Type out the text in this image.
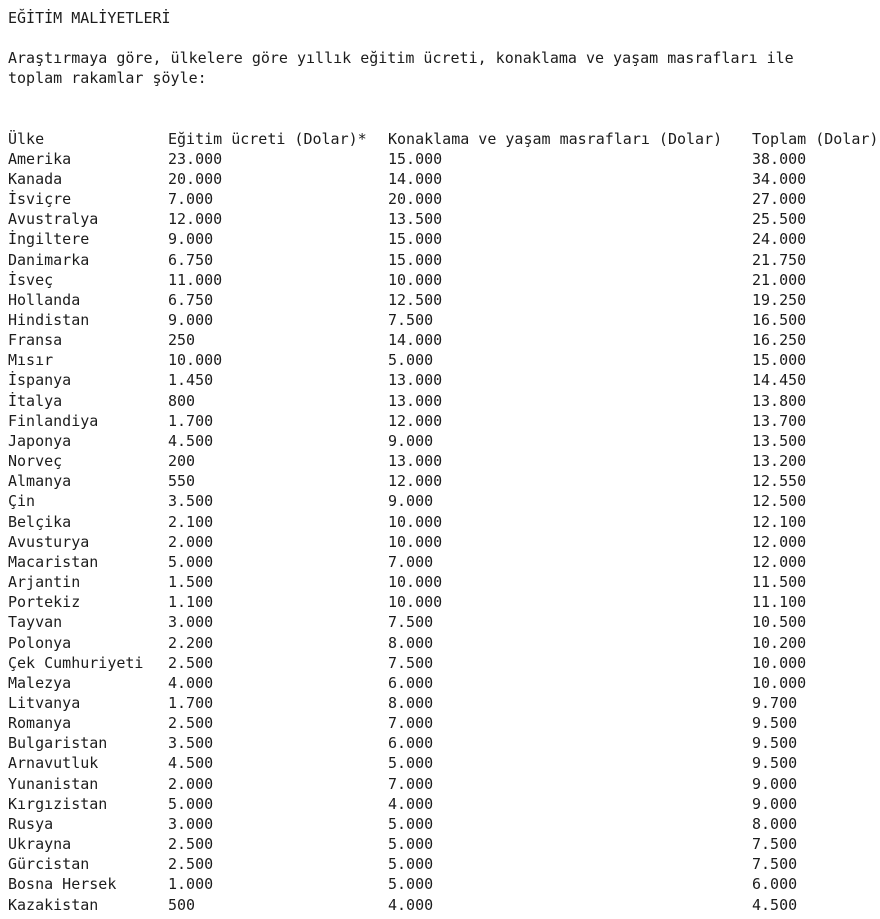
EĞİTİM MALİYETLERİ
Araştırmaya göre, ülkelere göre yıllık eğitim ücreti, konaklama ve yaşam masrafları ile
toplam rakamlar şöyle:
Ülke	Eğitim ücreti (Dolar)*	Konaklama ve yaşam masrafları (Dolar)	Toplam (Dolar)
Amerika	23.000	15.000	38.000
Kanada	20.000	14.000	34.000
İsviçre	7.000	20.000	27.000
Avustralya	12.000	13.500	25.500
İngiltere	9.000	15.000	24.000
Danimarka	6.750	15.000	21.750
İsveç	11.000	10.000	21.000
Hollanda	6.750	12.500	19.250
Hindistan	9.000	7.500	16.500
Fransa	250	14.000	16.250
Mısır	10.000	5.000	15.000
İspanya	1.450	13.000	14.450
İtalya	800	13.000	13.800
Finlandiya	1.700	12.000	13.700
Japonya	4.500	9.000	13.500
Norveç	200	13.000	13.200
Almanya	550	12.000	12.550
Çin	3.500	9.000	12.500
Belçika	2.100	10.000	12.100
Avusturya	2.000	10.000	12.000
Macaristan	5.000	7.000	12.000
Arjantin	1.500	10.000	11.500
Portekiz	1.100	10.000	11.100
Tayvan	3.000	7.500	10.500
Polonya	2.200	8.000	10.200
Çek Cumhuriyeti	2.500	7.500	10.000
Malezya	4.000	6.000	10.000
Litvanya	1.700	8.000	9.700
Romanya	2.500	7.000	9.500
Bulgaristan	3.500	6.000	9.500
Arnavutluk	4.500	5.000	9.500
Yunanistan	2.000	7.000	9.000
Kırgızistan	5.000	4.000	9.000
Rusya	3.000	5.000	8.000
Ukrayna	2.500	5.000	7.500
Gürcistan	2.500	5.000	7.500
Bosna Hersek	1.000	5.000	6.000
Kazakistan	500	4.000	4.500
